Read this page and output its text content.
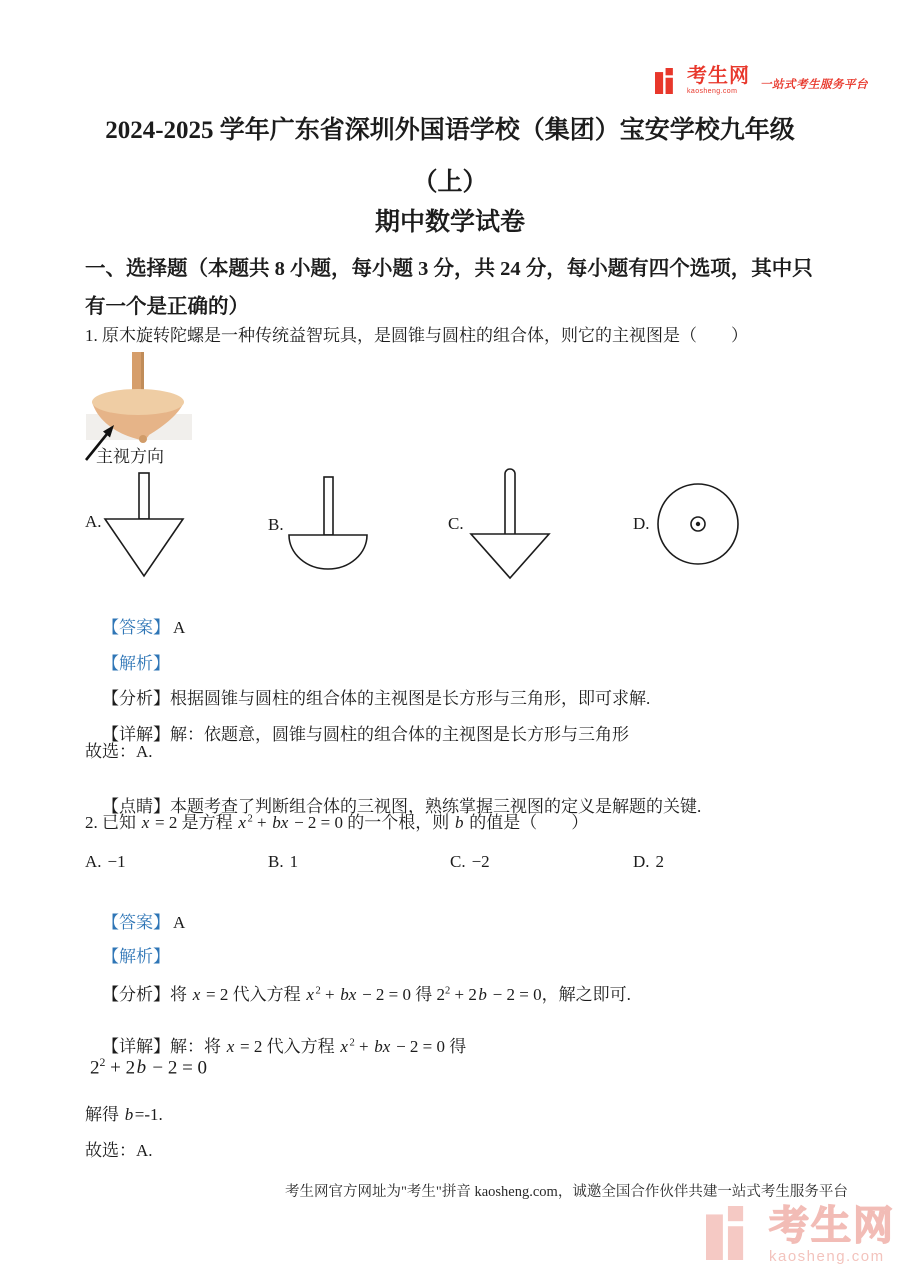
考生网
kaosheng.com
一站式考生服务平台
2024-2025 学年广东省深圳外国语学校（集团）宝安学校九年级
（上）
期中数学试卷
一、选择题（本题共 8 小题，每小题 3 分，共 24 分，每小题有四个选项，其中只有一个是正确的）
1. 原木旋转陀螺是一种传统益智玩具，是圆锥与圆柱的组合体，则它的主视图是（　　）
主视方向
A.	B.	C.	D.

【答案】 A

【解析】

【分析】根据圆锥与圆柱的组合体的主视图是长方形与三角形，即可求解.

【详解】解：依题意，圆锥与圆柱的组合体的主视图是长方形与三角形

故选：A.

【点睛】本题考查了判断组合体的三视图，熟练掌握三视图的定义是解题的关键.

2. 已知 x = 2 是方程 x $^2$ + bx − 2 = 0 的一个根，则 b 的值是（　　）
A. −1	B. 1	C. −2	D. 2

【答案】 A

【解析】

【分析】将 x = 2 代入方程 x $^2$ + bx − 2 = 0 得 $2^2 + 2b - 2 = 0$，解之即可.

【详解】解：将 x = 2 代入方程 x $^2$ + bx − 2 = 0 得

$2^2 + 2b - 2 = 0$
解得 b=-1.
故选：A.
考生网官方网址为"考生"拼音 kaosheng.com，诚邀全国合作伙伴共建一站式考生服务平台
考生网
kaosheng.com
